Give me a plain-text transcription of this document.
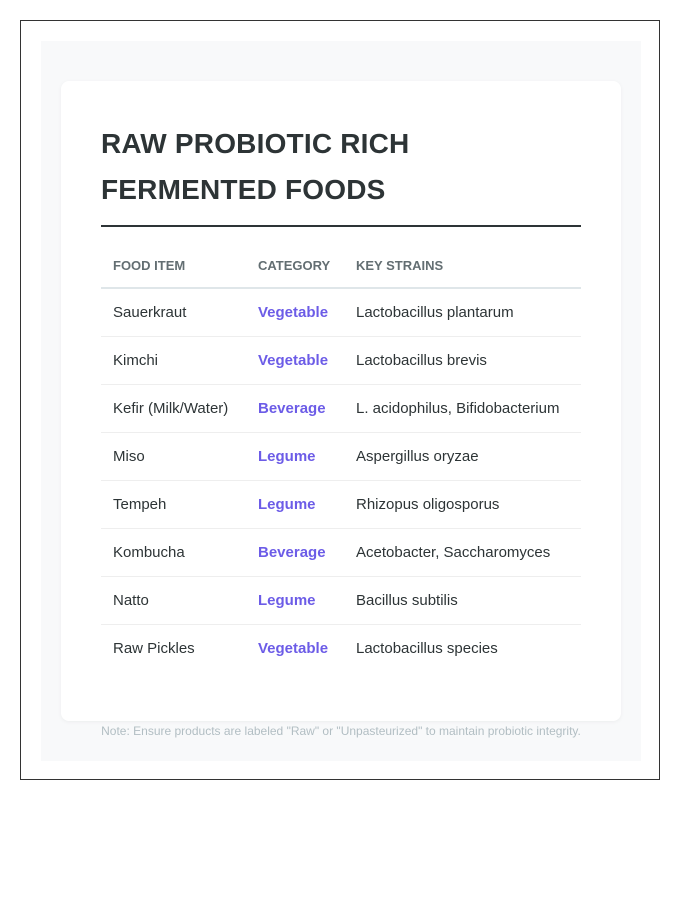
RAW PROBIOTIC RICH FERMENTED FOODS
FOOD ITEM	CATEGORY	KEY STRAINS
Sauerkraut	Vegetable	Lactobacillus plantarum
Kimchi	Vegetable	Lactobacillus brevis
Kefir (Milk/Water)	Beverage	L. acidophilus, Bifidobacterium
Miso	Legume	Aspergillus oryzae
Tempeh	Legume	Rhizopus oligosporus
Kombucha	Beverage	Acetobacter, Saccharomyces
Natto	Legume	Bacillus subtilis
Raw Pickles	Vegetable	Lactobacillus species
Note: Ensure products are labeled "Raw" or "Unpasteurized" to maintain probiotic integrity.
